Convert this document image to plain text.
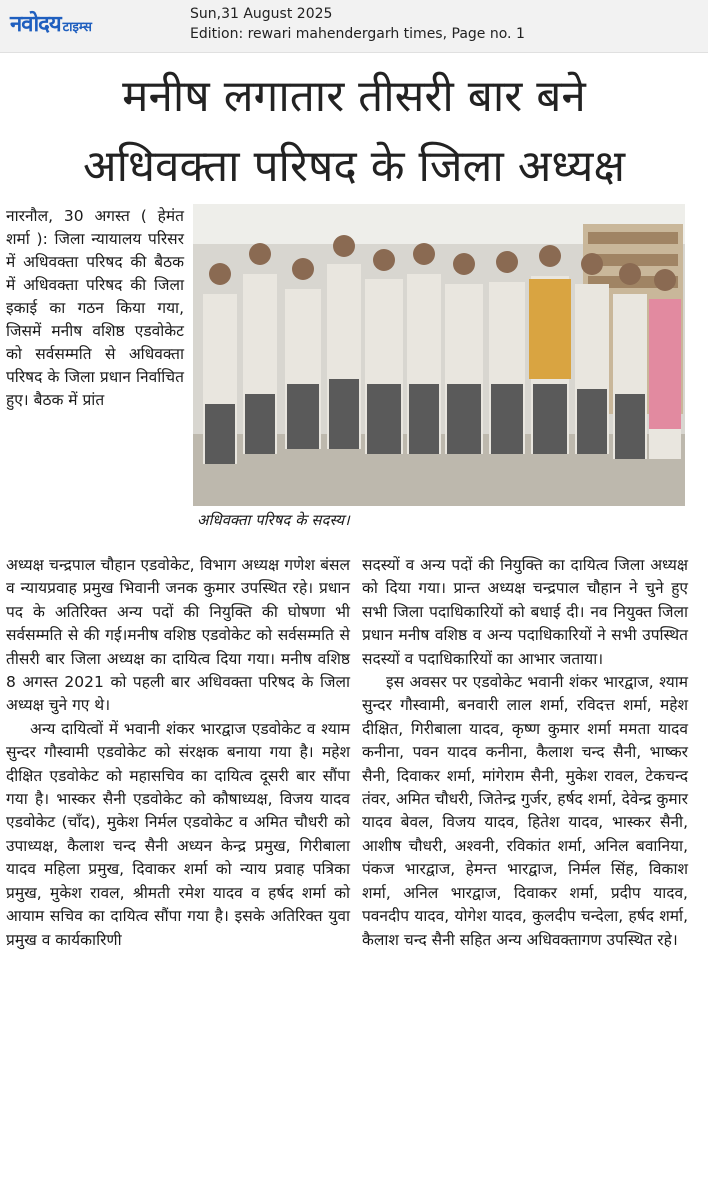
नवोदय टाइम्स
Sun,31 August 2025
Edition: rewari mahendergarh times, Page no. 1
मनीष लगातार तीसरी बार बने
अधिवक्ता परिषद के जिला अध्यक्ष

नारनौल, 30 अगस्त ( हेमंत शर्मा ): जिला न्यायालय परिसर में अधिवक्ता परिषद की बैठक में अधिवक्ता परिषद की जिला इकाई का गठन किया गया, जिसमें मनीष वशिष्ठ एडवोकेट को सर्वसम्मति से अधिवक्ता परिषद के जिला प्रधान निर्वाचित हुए। बैठक में प्रांत

अधिवक्ता परिषद के सदस्य।

अध्यक्ष चन्द्रपाल चौहान एडवोकेट, विभाग अध्यक्ष गणेश बंसल व न्यायप्रवाह प्रमुख भिवानी जनक कुमार उपस्थित रहे। प्रधान पद के अतिरिक्त अन्य पदों की नियुक्ति की घोषणा भी सर्वसम्मति से की गई।मनीष वशिष्ठ एडवोकेट को सर्वसम्मति से तीसरी बार जिला अध्यक्ष का दायित्व दिया गया। मनीष वशिष्ठ 8 अगस्त 2021 को पहली बार अधिवक्ता परिषद के जिला अध्यक्ष चुने गए थे।

अन्य दायित्वों में भवानी शंकर भारद्वाज एडवोकेट व श्याम सुन्दर गौस्वामी एडवोकेट को संरक्षक बनाया गया है। महेश दीक्षित एडवोकेट को महासचिव का दायित्व दूसरी बार सौंपा गया है। भास्कर सैनी एडवोकेट को कौषाध्यक्ष, विजय यादव एडवोकेट (चाँद), मुकेश निर्मल एडवोकेट व अमित चौधरी को उपाध्यक्ष, कैलाश चन्द सैनी अध्यन केन्द्र प्रमुख, गिरीबाला यादव महिला प्रमुख, दिवाकर शर्मा को न्याय प्रवाह पत्रिका प्रमुख, मुकेश रावल, श्रीमती रमेश यादव व हर्षद शर्मा को आयाम सचिव का दायित्व सौंपा गया है। इसके अतिरिक्त युवा प्रमुख व कार्यकारिणी

सदस्यों व अन्य पदों की नियुक्ति का दायित्व जिला अध्यक्ष को दिया गया। प्रान्त अध्यक्ष चन्द्रपाल चौहान ने चुने हुए सभी जिला पदाधिकारियों को बधाई दी। नव नियुक्त जिला प्रधान मनीष वशिष्ठ व अन्य पदाधिकारियों ने सभी उपस्थित सदस्यों व पदाधिकारियों का आभार जताया।

इस अवसर पर एडवोकेट भवानी शंकर भारद्वाज, श्याम सुन्दर गौस्वामी, बनवारी लाल शर्मा, रविदत्त शर्मा, महेश दीक्षित, गिरीबाला यादव, कृष्ण कुमार शर्मा ममता यादव कनीना, पवन यादव कनीना, कैलाश चन्द सैनी, भाष्कर सैनी, दिवाकर शर्मा, मांगेराम सैनी, मुकेश रावल, टेकचन्द तंवर, अमित चौधरी, जितेन्द्र गुर्जर, हर्षद शर्मा, देवेन्द्र कुमार यादव बेवल, विजय यादव, हितेश यादव, भास्कर सैनी, आशीष चौधरी, अश्वनी, रविकांत शर्मा, अनिल बवानिया, पंकज भारद्वाज, हेमन्त भारद्वाज, निर्मल सिंह, विकाश शर्मा, अनिल भारद्वाज, दिवाकर शर्मा, प्रदीप यादव, पवनदीप यादव, योगेश यादव, कुलदीप चन्देला, हर्षद शर्मा, कैलाश चन्द सैनी सहित अन्य अधिवक्तागण उपस्थित रहे।
